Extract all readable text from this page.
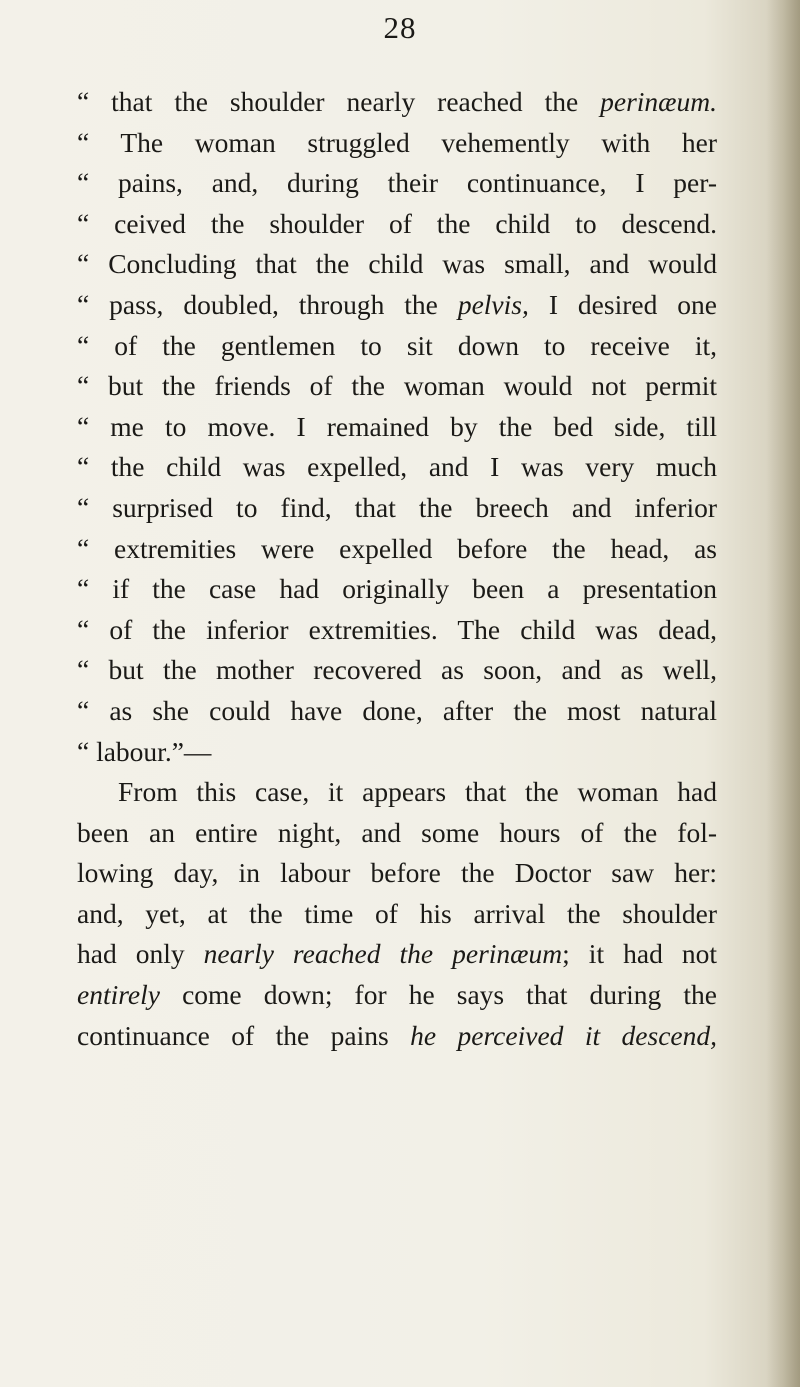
28
“ that the shoulder nearly reached the perinæum.
“ The woman struggled vehemently with her
“ pains, and, during their continuance, I per-
“ ceived the shoulder of the child to descend.
“ Concluding that the child was small, and would
“ pass, doubled, through the pelvis, I desired one
“ of the gentlemen to sit down to receive it,
“ but the friends of the woman would not permit
“ me to move. I remained by the bed side, till
“ the child was expelled, and I was very much
“ surprised to find, that the breech and inferior
“ extremities were expelled before the head, as
“ if the case had originally been a presentation
“ of the inferior extremities. The child was dead,
“ but the mother recovered as soon, and as well,
“ as she could have done, after the most natural
“ labour.”—
From this case, it appears that the woman had
been an entire night, and some hours of the fol-
lowing day, in labour before the Doctor saw her:
and, yet, at the time of his arrival the shoulder
had only nearly reached the perinæum; it had not
entirely come down; for he says that during the
continuance of the pains he perceived it descend,
